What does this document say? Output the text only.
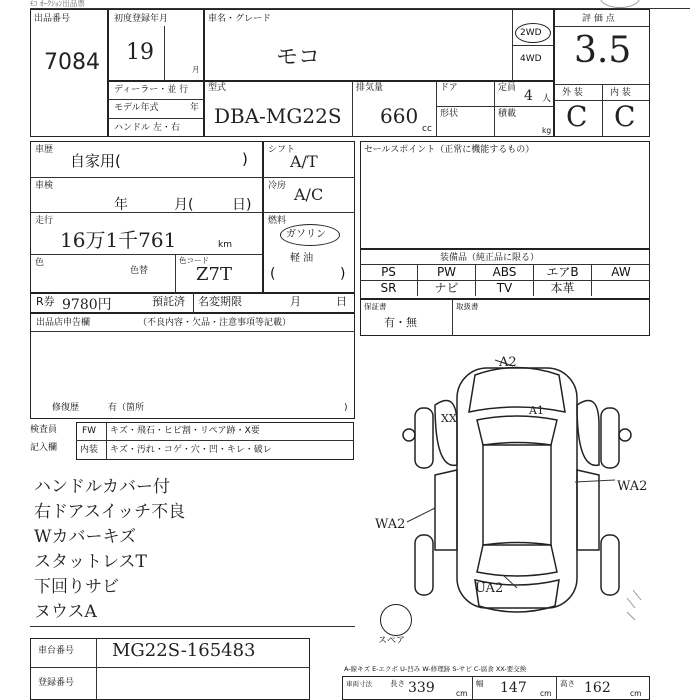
ﾓｺ ｵｰｸｼｮﾝ出品票
出品番号
7084
初度登録年月
19
月
車名・グレード
モコ
2WD
4WD
評 価 点
3.5
外 装	内 装
C C
ディーラー・並 行
モデル年式	年
ハンドル 左・右
型式
DBA-MG22S
排気量
660
cc
ドア
形状
定員 4 人
積載
kg
車歴
自家用(	)
車検
年	月(	日)
走行
16万1千761	km
色
色替
色コード
Z7T
シフト
A/T
冷房 A/C
燃料
ガソリン
軽 油
(	)
セールスポイント（正常に機能するもの）
装備品（純正品に限る）
PS	PW	ABS	エアB	AW
SR	ナビ	TV	本革
R券 9780円	預託済 名変期限	月	日 保証書
有・無
取扱書
出品店申告欄	（不良内容・欠品・注意事項等記載）
修復歴	有（箇所	)
検査員
記入欄
FW キズ・飛石・ヒビ割・リペア跡・X要
内装 キズ・汚れ・コゲ・穴・凹・キレ・破レ
ハンドルカバー付
右ドアスイッチ不良
Wカバーキズ
スタットレスT
下回りサビ
ヌウスA
A2
A1
XX
WA2
WA2
UA2
スペア
A-線キズ E-エクボ U-凹み W-修理跡 S-サビ C-腐食 XX-要交換
車台番号 MG22S-165483
登録番号	車両寸法 長さ 339	cm
幅 147 cm
高さ 162	cm
